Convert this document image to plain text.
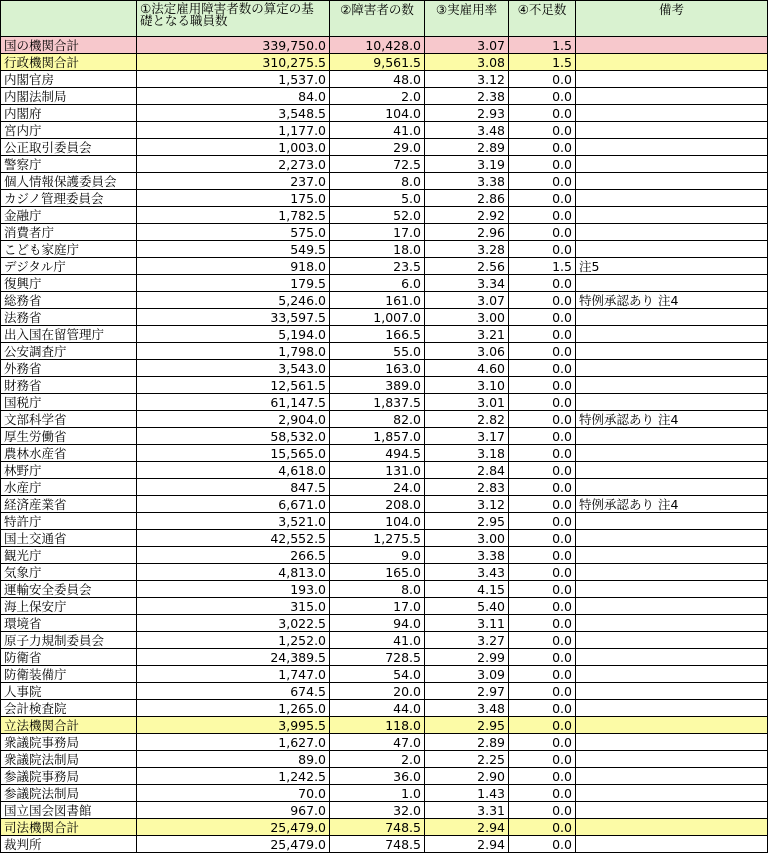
	①法定雇用障害者数の算定の基礎となる職員数	②障害者の数	③実雇用率	④不足数	備考
国の機関合計	339,750.0	10,428.0	3.07	1.5	
行政機関合計	310,275.5	9,561.5	3.08	1.5	
内閣官房	1,537.0	48.0	3.12	0.0	
内閣法制局	84.0	2.0	2.38	0.0	
内閣府	3,548.5	104.0	2.93	0.0	
宮内庁	1,177.0	41.0	3.48	0.0	
公正取引委員会	1,003.0	29.0	2.89	0.0	
警察庁	2,273.0	72.5	3.19	0.0	
個人情報保護委員会	237.0	8.0	3.38	0.0	
カジノ管理委員会	175.0	5.0	2.86	0.0	
金融庁	1,782.5	52.0	2.92	0.0	
消費者庁	575.0	17.0	2.96	0.0	
こども家庭庁	549.5	18.0	3.28	0.0	
デジタル庁	918.0	23.5	2.56	1.5	注5
復興庁	179.5	6.0	3.34	0.0	
総務省	5,246.0	161.0	3.07	0.0	特例承認あり 注4
法務省	33,597.5	1,007.0	3.00	0.0	
出入国在留管理庁	5,194.0	166.5	3.21	0.0	
公安調査庁	1,798.0	55.0	3.06	0.0	
外務省	3,543.0	163.0	4.60	0.0	
財務省	12,561.5	389.0	3.10	0.0	
国税庁	61,147.5	1,837.5	3.01	0.0	
文部科学省	2,904.0	82.0	2.82	0.0	特例承認あり 注4
厚生労働省	58,532.0	1,857.0	3.17	0.0	
農林水産省	15,565.0	494.5	3.18	0.0	
林野庁	4,618.0	131.0	2.84	0.0	
水産庁	847.5	24.0	2.83	0.0	
経済産業省	6,671.0	208.0	3.12	0.0	特例承認あり 注4
特許庁	3,521.0	104.0	2.95	0.0	
国土交通省	42,552.5	1,275.5	3.00	0.0	
観光庁	266.5	9.0	3.38	0.0	
気象庁	4,813.0	165.0	3.43	0.0	
運輸安全委員会	193.0	8.0	4.15	0.0	
海上保安庁	315.0	17.0	5.40	0.0	
環境省	3,022.5	94.0	3.11	0.0	
原子力規制委員会	1,252.0	41.0	3.27	0.0	
防衛省	24,389.5	728.5	2.99	0.0	
防衛装備庁	1,747.0	54.0	3.09	0.0	
人事院	674.5	20.0	2.97	0.0	
会計検査院	1,265.0	44.0	3.48	0.0	
立法機関合計	3,995.5	118.0	2.95	0.0	
衆議院事務局	1,627.0	47.0	2.89	0.0	
衆議院法制局	89.0	2.0	2.25	0.0	
参議院事務局	1,242.5	36.0	2.90	0.0	
参議院法制局	70.0	1.0	1.43	0.0	
国立国会図書館	967.0	32.0	3.31	0.0	
司法機関合計	25,479.0	748.5	2.94	0.0	
裁判所	25,479.0	748.5	2.94	0.0	
